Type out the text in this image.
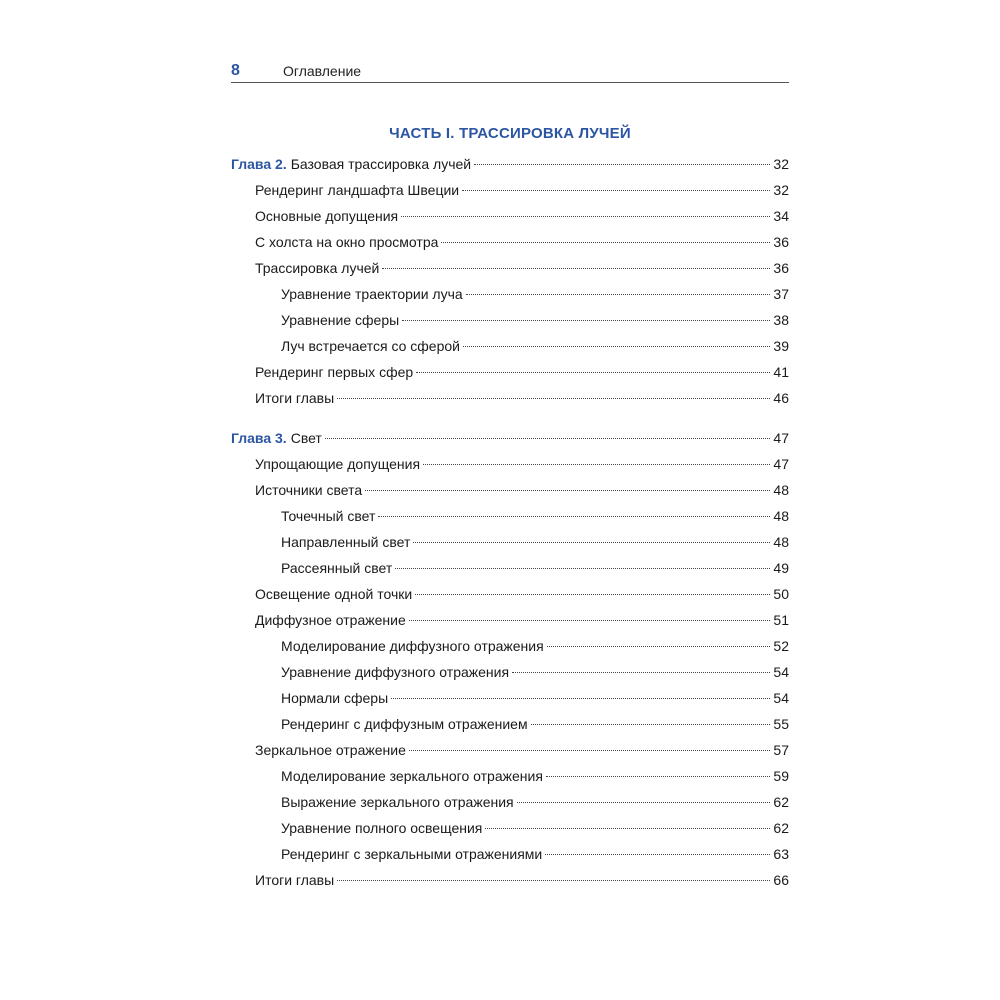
8	Оглавление
ЧАСТЬ I. ТРАССИРОВКА ЛУЧЕЙ
Глава 2. Базовая трассировка лучей	32
Рендеринг ландшафта Швеции	32
Основные допущения	34
С холста на окно просмотра	36
Трассировка лучей	36
Уравнение траектории луча	37
Уравнение сферы	38
Луч встречается со сферой	39
Рендеринг первых сфер	41
Итоги главы	46
Глава 3. Свет	47
Упрощающие допущения	47
Источники света	48
Точечный свет	48
Направленный свет	48
Рассеянный свет	49
Освещение одной точки	50
Диффузное отражение	51
Моделирование диффузного отражения	52
Уравнение диффузного отражения	54
Нормали сферы	54
Рендеринг с диффузным отражением	55
Зеркальное отражение	57
Моделирование зеркального отражения	59
Выражение зеркального отражения	62
Уравнение полного освещения	62
Рендеринг с зеркальными отражениями	63
Итоги главы	66
